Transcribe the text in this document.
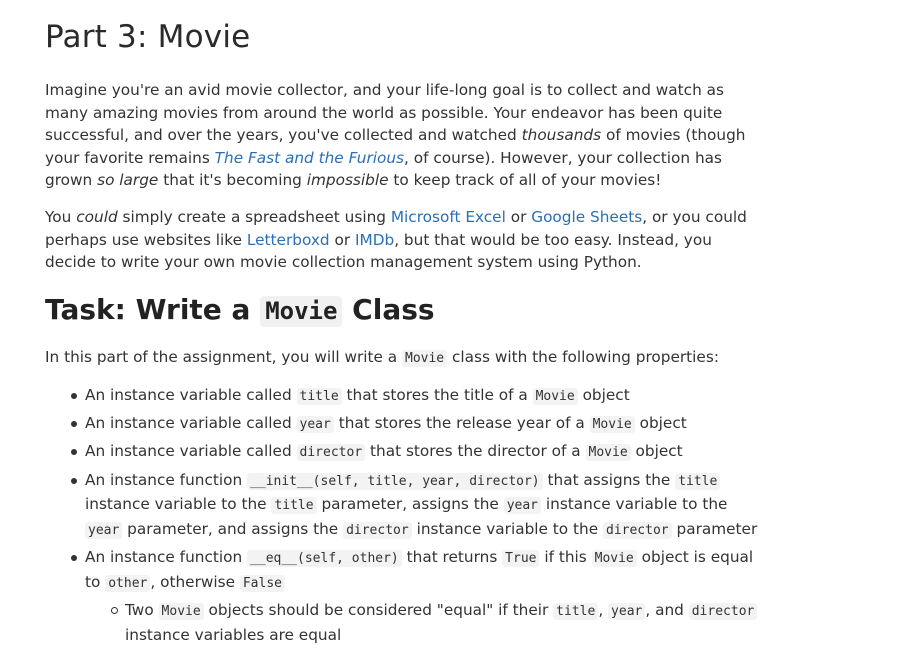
Part 3: Movie

Imagine you're an avid movie collector, and your life-long goal is to collect and watch as many amazing movies from around the world as possible. Your endeavor has been quite successful, and over the years, you've collected and watched thousands of movies (though your favorite remains The Fast and the Furious, of course). However, your collection has grown so large that it's becoming impossible to keep track of all of your movies!

You could simply create a spreadsheet using Microsoft Excel or Google Sheets, or you could perhaps use websites like Letterboxd or IMDb, but that would be too easy. Instead, you decide to write your own movie collection management system using Python.

Task: Write a Movie Class

In this part of the assignment, you will write a Movie class with the following properties:

An instance variable called title that stores the title of a Movie object
An instance variable called year that stores the release year of a Movie object
An instance variable called director that stores the director of a Movie object
An instance function __init__(self, title, year, director) that assigns the title instance variable to the title parameter, assigns the year instance variable to the year parameter, and assigns the director instance variable to the director parameter
An instance function __eq__(self, other) that returns True if this Movie object is equal to other , otherwise False
Two Movie objects should be considered "equal" if their title , year , and director instance variables are equal
